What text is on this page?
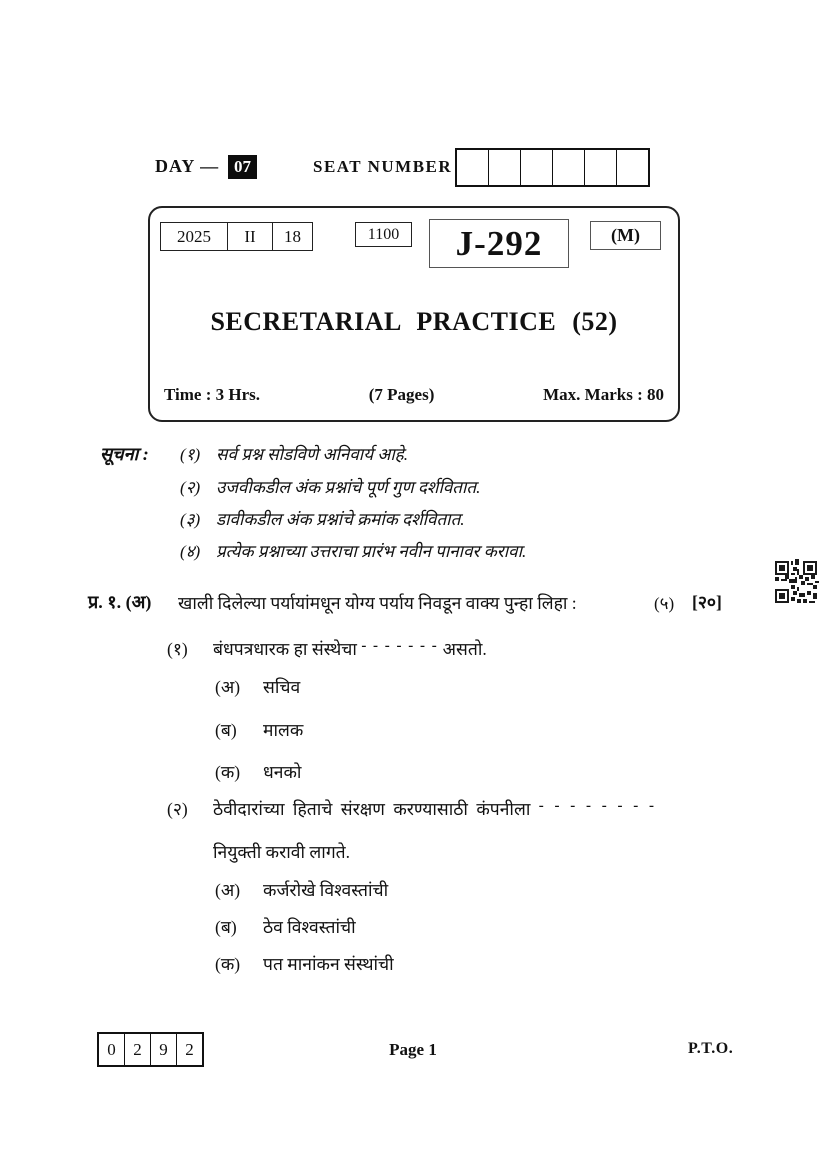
DAY — 07	SEAT NUMBER
2025	II	18	1100	J-292	(M)
SECRETARIAL PRACTICE (52)
Time : 3 Hrs.	(7 Pages)	Max. Marks : 80
सूचना : (१) सर्व प्रश्न सोडविणे अनिवार्य आहे.
(२) उजवीकडील अंक प्रश्नांचे पूर्ण गुण दर्शवितात.
(३) डावीकडील अंक प्रश्नांचे क्रमांक दर्शवितात.
(४) प्रत्येक प्रश्नाच्या उत्तराचा प्रारंभ नवीन पानावर करावा.
प्र. १. (अ) खाली दिलेल्या पर्यायांमधून योग्य पर्याय निवडून वाक्य पुन्हा लिहा :	(५) [२०]
(१) बंधपत्रधारक हा संस्थेचा - - - - - - - असतो.
(अ) सचिव
(ब) मालक
(क) धनको
(२) ठेवीदारांच्या हिताचे संरक्षण करण्यासाठी कंपनीला - - - - - - - -
नियुक्ती करावी लागते.
(अ) कर्जरोखे विश्वस्तांची
(ब) ठेव विश्वस्तांची
(क) पत मानांकन संस्थांची
0	2	9	2	Page 1	P.T.O.
